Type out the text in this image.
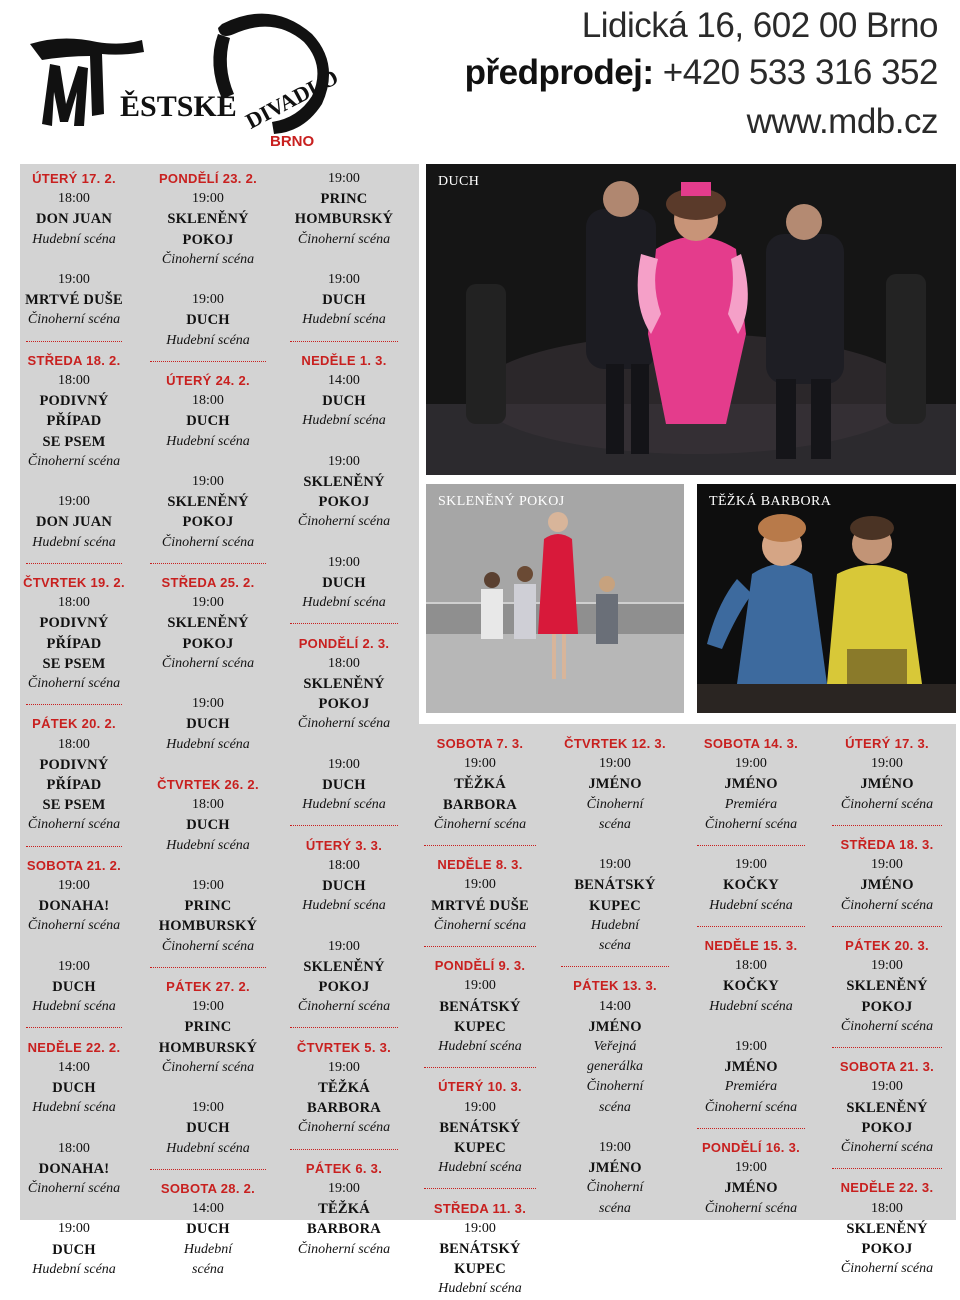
ĚSTSKÉ DIVADLO
BRNO
Lidická 16, 602 00 Brno
předprodej: +420 533 316 352
www.mdb.cz
DUCH
SKLENĚNÝ POKOJ	TĚŽKÁ BARBORA
ÚTERÝ 17. 2.
18:00
DON JUAN
Hudební scéna
19:00
MRTVÉ DUŠE
Činoherní scéna
STŘEDA 18. 2.
18:00
PODIVNÝ PŘÍPAD
SE PSEM
Činoherní scéna
19:00
DON JUAN
Hudební scéna
ČTVRTEK 19. 2.
18:00
PODIVNÝ PŘÍPAD
SE PSEM
Činoherní scéna
PÁTEK 20. 2.
18:00
PODIVNÝ PŘÍPAD
SE PSEM
Činoherní scéna
SOBOTA 21. 2.
19:00
DONAHA!
Činoherní scéna
19:00
DUCH
Hudební scéna
NEDĚLE 22. 2.
14:00
DUCH
Hudební scéna
18:00
DONAHA!
Činoherní scéna
19:00
DUCH
Hudební scéna
PONDĚLÍ 23. 2.
19:00
SKLENĚNÝ POKOJ
Činoherní scéna
19:00
DUCH
Hudební scéna
ÚTERÝ 24. 2.
18:00
DUCH
Hudební scéna
19:00
SKLENĚNÝ POKOJ
Činoherní scéna
STŘEDA 25. 2.
19:00
SKLENĚNÝ POKOJ
Činoherní scéna
19:00
DUCH
Hudební scéna
ČTVRTEK 26. 2.
18:00
DUCH
Hudební scéna
19:00
PRINC
HOMBURSKÝ
Činoherní scéna
PÁTEK 27. 2.
19:00
PRINC
HOMBURSKÝ
Činoherní scéna
19:00
DUCH
Hudební scéna
SOBOTA 28. 2.
14:00
DUCH
Hudební
scéna
19:00
PRINC
HOMBURSKÝ
Činoherní scéna
19:00
DUCH
Hudební scéna
NEDĚLE 1. 3.
14:00
DUCH
Hudební scéna
19:00
SKLENĚNÝ
POKOJ
Činoherní scéna
19:00
DUCH
Hudební scéna
PONDĚLÍ 2. 3.
18:00
SKLENĚNÝ
POKOJ
Činoherní scéna
19:00
DUCH
Hudební scéna
ÚTERÝ 3. 3.
18:00
DUCH
Hudební scéna
19:00
SKLENĚNÝ
POKOJ
Činoherní scéna
ČTVRTEK 5. 3.
19:00
TĚŽKÁ BARBORA
Činoherní scéna
PÁTEK 6. 3.
19:00
TĚŽKÁ BARBORA
Činoherní scéna
SOBOTA 7. 3.
19:00
TĚŽKÁ BARBORA
Činoherní scéna
NEDĚLE 8. 3.
19:00
MRTVÉ DUŠE
Činoherní scéna
PONDĚLÍ 9. 3.
19:00
BENÁTSKÝ KUPEC
Hudební scéna
ÚTERÝ 10. 3.
19:00
BENÁTSKÝ KUPEC
Hudební scéna
STŘEDA 11. 3.
19:00
BENÁTSKÝ KUPEC
Hudební scéna
ČTVRTEK 12. 3.
19:00
JMÉNO
Činoherní
scéna
19:00
BENÁTSKÝ
KUPEC
Hudební
scéna
PÁTEK 13. 3.
14:00
JMÉNO
Veřejná
generálka
Činoherní
scéna
19:00
JMÉNO
Činoherní
scéna
SOBOTA 14. 3.
19:00
JMÉNO
Premiéra
Činoherní scéna
19:00
KOČKY
Hudební scéna
NEDĚLE 15. 3.
18:00
KOČKY
Hudební scéna
19:00
JMÉNO
Premiéra
Činoherní scéna
PONDĚLÍ 16. 3.
19:00
JMÉNO
Činoherní scéna
ÚTERÝ 17. 3.
19:00
JMÉNO
Činoherní scéna
STŘEDA 18. 3.
19:00
JMÉNO
Činoherní scéna
PÁTEK 20. 3.
19:00
SKLENĚNÝ POKOJ
Činoherní scéna
SOBOTA 21. 3.
19:00
SKLENĚNÝ POKOJ
Činoherní scéna
NEDĚLE 22. 3.
18:00
SKLENĚNÝ POKOJ
Činoherní scéna
